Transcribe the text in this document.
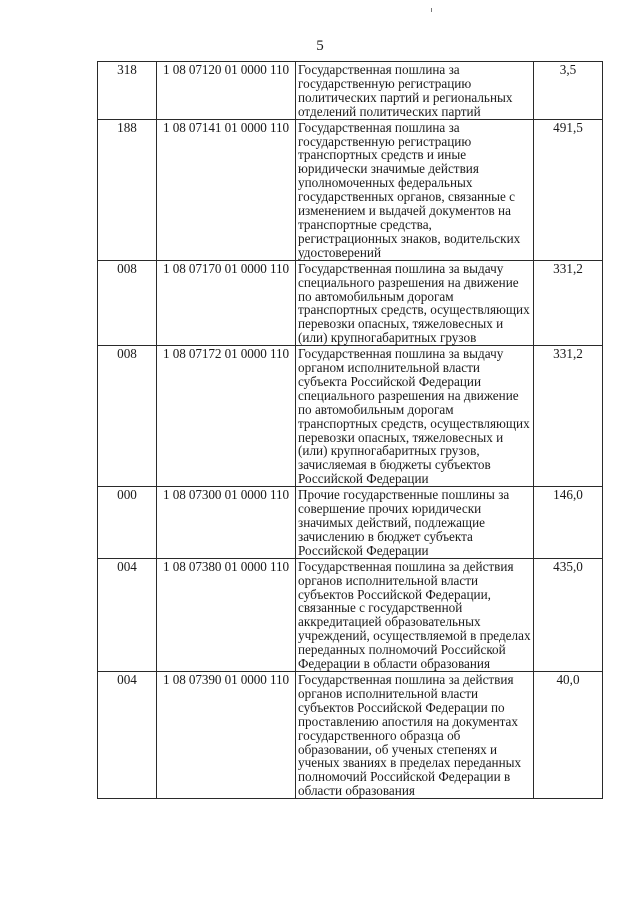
5
318	1 08 07120 01 0000 110	Государственная пошлина за государственную регистрацию политических партий и региональных отделений политических партий	3,5
188	1 08 07141 01 0000 110	Государственная пошлина за государственную регистрацию транспортных средств и иные юридически значимые действия уполномоченных федеральных государственных органов, связанные с изменением и выдачей документов на транспортные средства, регистрационных знаков, водительских удостоверений	491,5
008	1 08 07170 01 0000 110	Государственная пошлина за выдачу специального разрешения на движение по автомобильным дорогам транспортных средств, осуществляющих перевозки опасных, тяжеловесных и (или) крупногабаритных грузов	331,2
008	1 08 07172 01 0000 110	Государственная пошлина за выдачу органом исполнительной власти субъекта Российской Федерации специального разрешения на движение по автомобильным дорогам транспортных средств, осуществляющих перевозки опасных, тяжеловесных и (или) крупногабаритных грузов, зачисляемая в бюджеты субъектов Российской Федерации	331,2
000	1 08 07300 01 0000 110	Прочие государственные пошлины за совершение прочих юридически значимых действий, подлежащие зачислению в бюджет субъекта Российской Федерации	146,0
004	1 08 07380 01 0000 110	Государственная пошлина за действия органов исполнительной власти субъектов Российской Федерации, связанные с государственной аккредитацией образовательных учреждений, осуществляемой в пределах переданных полномочий Российской Федерации в области образования	435,0
004	1 08 07390 01 0000 110	Государственная пошлина за действия органов исполнительной власти субъектов Российской Федерации по проставлению апостиля на документах государственного образца об образовании, об ученых степенях и ученых званиях в пределах переданных полномочий Российской Федерации в области образования	40,0
